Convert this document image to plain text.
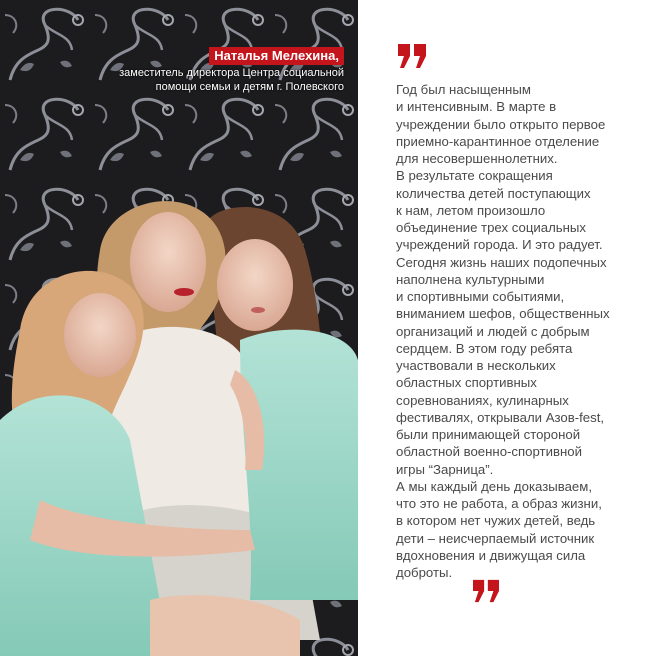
Наталья Мелехина,
заместитель директора Центра социальной
помощи семьи и детям г. Полевского	Год был насыщенным
и интенсивным. В марте в
учреждении было открыто первое
приемно-карантинное отделение
для несовершеннолетних.
В результате сокращения
количества детей поступающих
к нам, летом произошло
объединение трех социальных
учреждений города. И это радует.
Сегодня жизнь наших подопечных
наполнена культурными
и спортивными событиями,
вниманием шефов, общественных
организаций и людей с добрым
сердцем. В этом году ребята
участвовали в нескольких
областных спортивных
соревнованиях, кулинарных
фестивалях, открывали Азов-fest,
были принимающей стороной
областной военно-спортивной
игры “Зарница”.
А мы каждый день доказываем,
что это не работа, а образ жизни,
в котором нет чужих детей, ведь
дети – неисчерпаемый источник
вдохновения и движущая сила
доброты.
